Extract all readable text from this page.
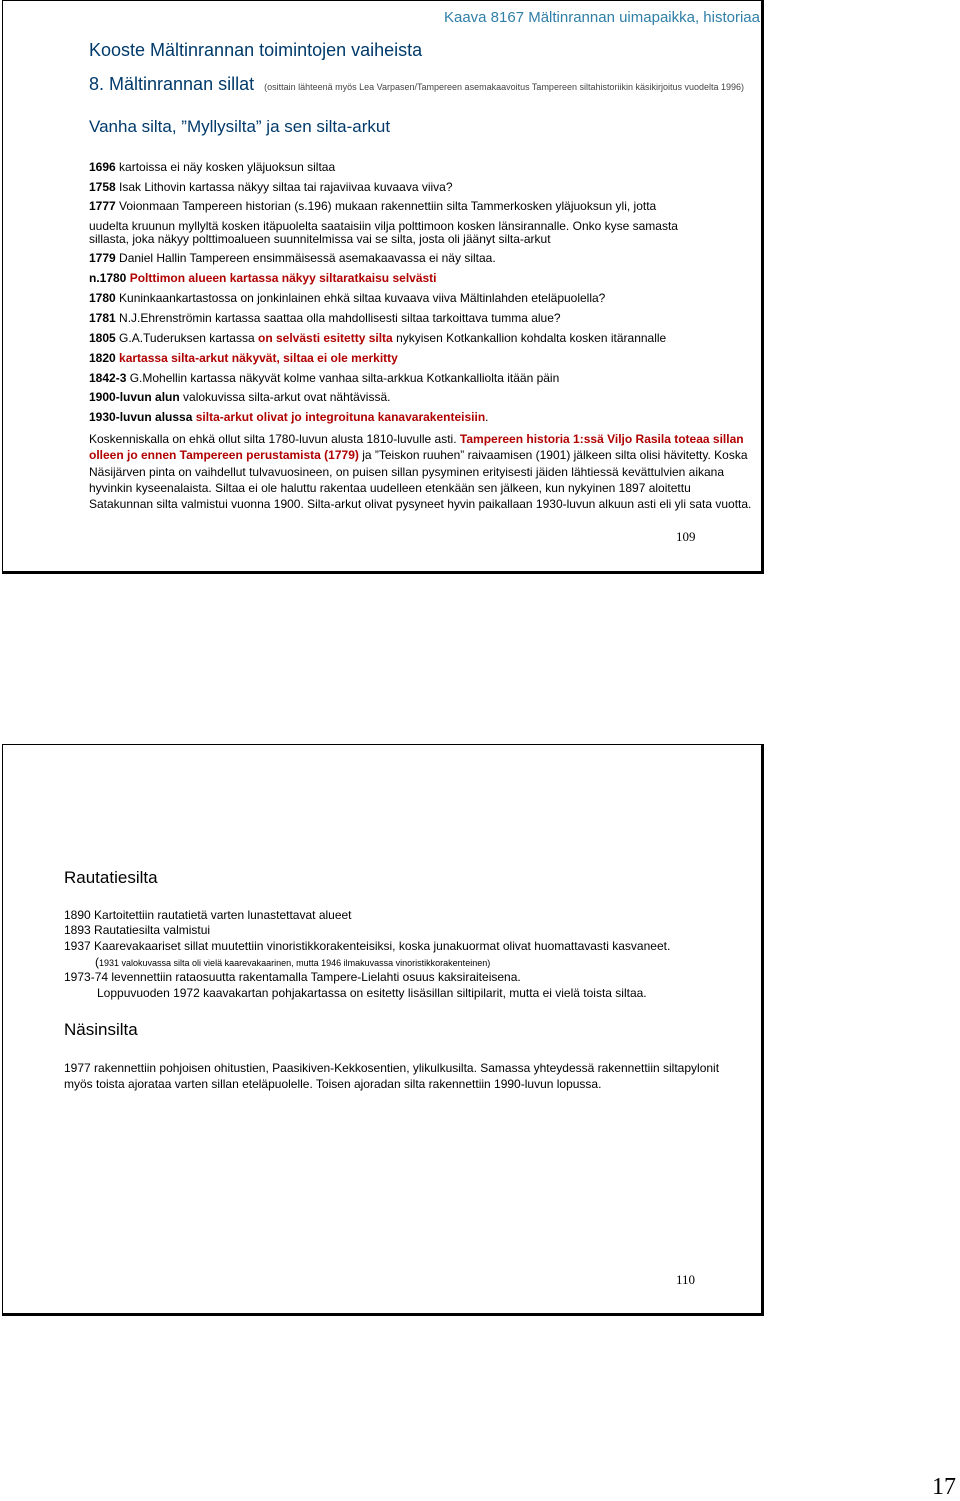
Kaava 8167 Mältinrannan uimapaikka, historiaa
Kooste Mältinrannan toimintojen vaiheista
8. Mältinrannan sillat (osittain lähteenä myös Lea Varpasen/Tampereen asemakaavoitus Tampereen siltahistoriikin käsikirjoitus vuodelta 1996)
Vanha silta, ”Myllysilta” ja sen silta-arkut
1696 kartoissa ei näy kosken yläjuoksun siltaa
1758 Isak Lithovin kartassa näkyy siltaa tai rajaviivaa kuvaava viiva?
1777 Voionmaan Tampereen historian (s.196) mukaan rakennettiin silta Tammerkosken yläjuoksun yli, jotta
uudelta kruunun myllyltä kosken itäpuolelta saataisiin vilja polttimoon kosken länsirannalle. Onko kyse samasta
sillasta, joka näkyy polttimoalueen suunnitelmissa vai se silta, josta oli jäänyt silta-arkut
1779 Daniel Hallin Tampereen ensimmäisessä asemakaavassa ei näy siltaa.
n.1780 Polttimon alueen kartassa näkyy siltaratkaisu selvästi
1780 Kuninkaankartastossa on jonkinlainen ehkä siltaa kuvaava viiva Mältinlahden eteläpuolella?
1781 N.J.Ehrenströmin kartassa saattaa olla mahdollisesti siltaa tarkoittava tumma alue?
1805 G.A.Tuderuksen kartassa on selvästi esitetty silta nykyisen Kotkankallion kohdalta kosken itärannalle
1820 kartassa silta-arkut näkyvät, siltaa ei ole merkitty
1842-3 G.Mohellin kartassa näkyvät kolme vanhaa silta-arkkua Kotkankalliolta itään päin
1900-luvun alun valokuvissa silta-arkut ovat nähtävissä.
1930-luvun alussa silta-arkut olivat jo integroituna kanavarakenteisiin.
Koskenniskalla on ehkä ollut silta 1780-luvun alusta 1810-luvulle asti. Tampereen historia 1:ssä Viljo Rasila toteaa sillan olleen jo ennen Tampereen perustamista (1779) ja ”Teiskon ruuhen” raivaamisen (1901) jälkeen silta olisi hävitetty. Koska Näsijärven pinta on vaihdellut tulvavuosineen, on puisen sillan pysyminen erityisesti jäiden lähtiessä kevättulvien aikana hyvinkin kyseenalaista. Siltaa ei ole haluttu rakentaa uudelleen etenkään sen jälkeen, kun nykyinen 1897 aloitettu Satakunnan silta valmistui vuonna 1900. Silta-arkut olivat pysyneet hyvin paikallaan 1930-luvun alkuun asti eli yli sata vuotta.
109
Rautatiesilta
1890 Kartoitettiin rautatietä varten lunastettavat alueet
1893 Rautatiesilta valmistui
1937 Kaarevakaariset sillat muutettiin vinoristikkorakenteisiksi, koska junakuormat olivat huomattavasti kasvaneet.
(1931 valokuvassa silta oli vielä kaarevakaarinen, mutta 1946 ilmakuvassa vinoristikkorakenteinen)
1973-74 levennettiin rataosuutta rakentamalla Tampere-Lielahti osuus kaksiraiteisena.
Loppuvuoden 1972 kaavakartan pohjakartassa on esitetty lisäsillan siltipilarit, mutta ei vielä toista siltaa.
Näsinsilta
1977 rakennettiin pohjoisen ohitustien, Paasikiven-Kekkosentien, ylikulkusilta. Samassa yhteydessä rakennettiin siltapylonit myös toista ajorataa varten sillan eteläpuolelle. Toisen ajoradan silta rakennettiin 1990-luvun lopussa.
110
17
